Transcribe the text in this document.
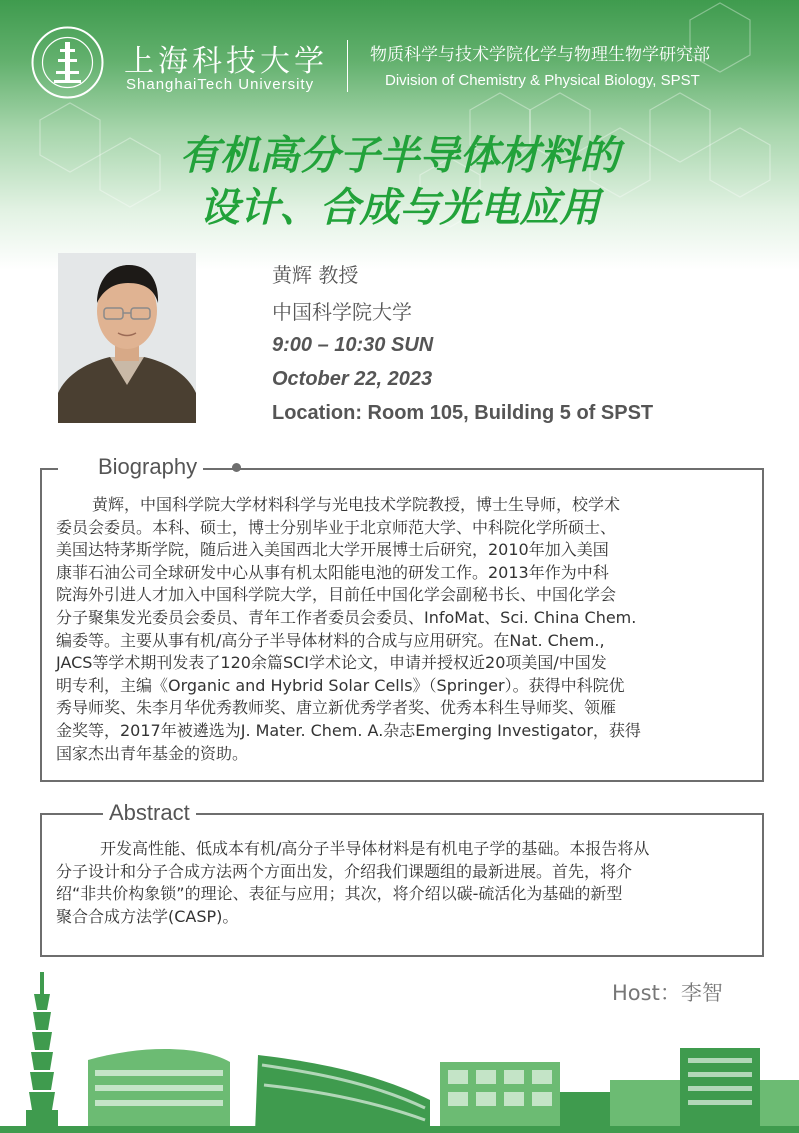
上海科技大学
ShanghaiTech University
物质科学与技术学院化学与物理生物学研究部
Division of Chemistry & Physical Biology, SPST
有机高分子半导体材料的
设计、合成与光电应用
黄辉 教授
中国科学院大学
9:00 – 10:30 SUN
October 22, 2023
Location: Room 105, Building 5 of SPST
Biography
黄辉，中国科学院大学材料科学与光电技术学院教授，博士生导师，校学术
委员会委员。本科、硕士，博士分别毕业于北京师范大学、中科院化学所硕士、
美国达特茅斯学院，随后进入美国西北大学开展博士后研究，2010年加入美国
康菲石油公司全球研发中心从事有机太阳能电池的研发工作。2013年作为中科
院海外引进人才加入中国科学院大学，目前任中国化学会副秘书长、中国化学会
分子聚集发光委员会委员、青年工作者委员会委员、InfoMat、Sci. China Chem.
编委等。主要从事有机/高分子半导体材料的合成与应用研究。在Nat. Chem.,
JACS等学术期刊发表了120余篇SCI学术论文，申请并授权近20项美国/中国发
明专利，主编《Organic and Hybrid Solar Cells》（Springer）。获得中科院优
秀导师奖、朱李月华优秀教师奖、唐立新优秀学者奖、优秀本科生导师奖、领雁
金奖等，2017年被遴选为J. Mater. Chem. A.杂志Emerging Investigator，获得
国家杰出青年基金的资助。
Abstract
开发高性能、低成本有机/高分子半导体材料是有机电子学的基础。本报告将从
分子设计和分子合成方法两个方面出发，介绍我们课题组的最新进展。首先，将介
绍“非共价构象锁”的理论、表征与应用；其次，将介绍以碳-硫活化为基础的新型
聚合合成方法学(CASP)。
Host：李智
